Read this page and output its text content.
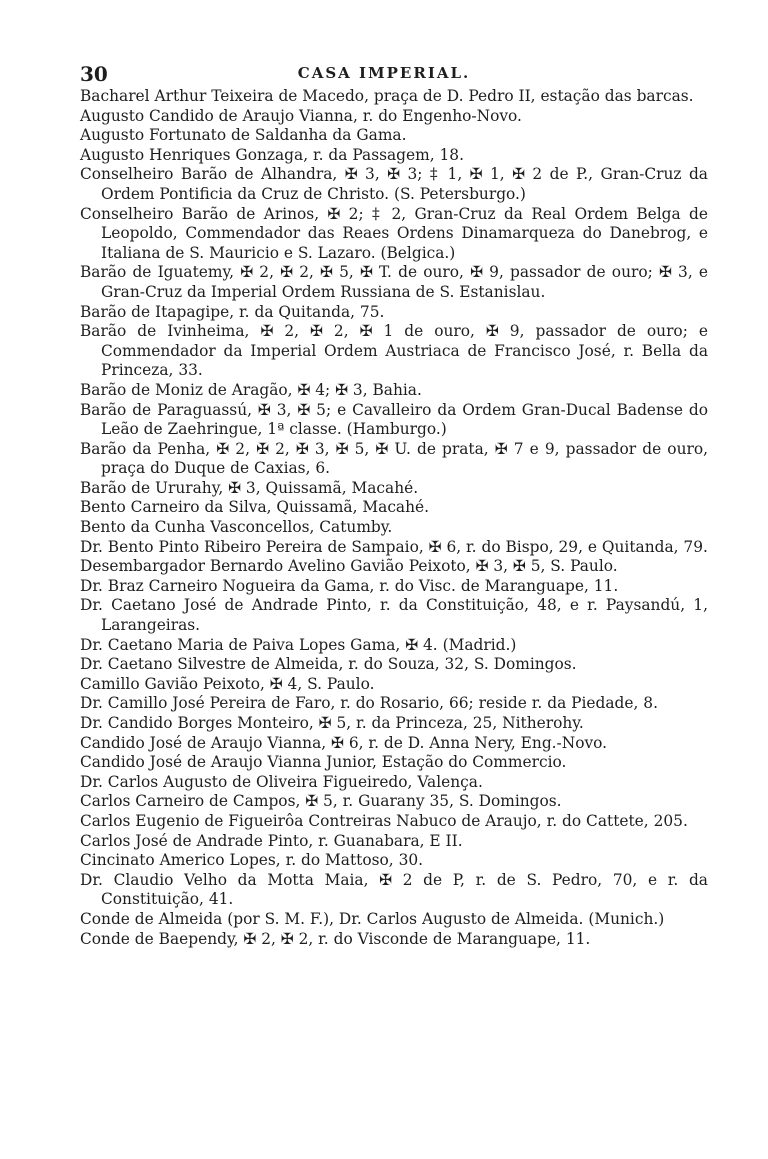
30	CASA IMPERIAL.
Bacharel Arthur Teixeira de Macedo, praça de D. Pedro II, estação das barcas.
Augusto Candido de Araujo Vianna, r. do Engenho-Novo.
Augusto Fortunato de Saldanha da Gama.
Augusto Henriques Gonzaga, r. da Passagem, 18.
Conselheiro Barão de Alhandra, ✠ 3, ✠ 3; ‡ 1, ✠ 1, ✠ 2 de P., Gran-Cruz da Ordem Pontificia da Cruz de Christo. (S. Petersburgo.)
Conselheiro Barão de Arinos, ✠ 2; ‡ 2, Gran-Cruz da Real Ordem Belga de Leopoldo, Commendador das Reaes Ordens Dinamarqueza do Danebrog, e Italiana de S. Mauricio e S. Lazaro. (Belgica.)
Barão de Iguatemy, ✠ 2, ✠ 2, ✠ 5, ✠ T. de ouro, ✠ 9, passador de ouro; ✠ 3, e Gran-Cruz da Imperial Ordem Russiana de S. Estanislau.
Barão de Itapagipe, r. da Quitanda, 75.
Barão de Ivinheima, ✠ 2, ✠ 2, ✠ 1 de ouro, ✠ 9, passador de ouro; e Commendador da Imperial Ordem Austriaca de Francisco José, r. Bella da Princeza, 33.
Barão de Moniz de Aragão, ✠ 4; ✠ 3, Bahia.
Barão de Paraguassú, ✠ 3, ✠ 5; e Cavalleiro da Ordem Gran-Ducal Badense do Leão de Zaehringue, 1ª classe. (Hamburgo.)
Barão da Penha, ✠ 2, ✠ 2, ✠ 3, ✠ 5, ✠ U. de prata, ✠ 7 e 9, passador de ouro, praça do Duque de Caxias, 6.
Barão de Ururahy, ✠ 3, Quissamã, Macahé.
Bento Carneiro da Silva, Quissamã, Macahé.
Bento da Cunha Vasconcellos, Catumby.
Dr. Bento Pinto Ribeiro Pereira de Sampaio, ✠ 6, r. do Bispo, 29, e Quitanda, 79.
Desembargador Bernardo Avelino Gavião Peixoto, ✠ 3, ✠ 5, S. Paulo.
Dr. Braz Carneiro Nogueira da Gama, r. do Visc. de Maranguape, 11.
Dr. Caetano José de Andrade Pinto, r. da Constituição, 48, e r. Paysandú, 1, Larangeiras.
Dr. Caetano Maria de Paiva Lopes Gama, ✠ 4. (Madrid.)
Dr. Caetano Silvestre de Almeida, r. do Souza, 32, S. Domingos.
Camillo Gavião Peixoto, ✠ 4, S. Paulo.
Dr. Camillo José Pereira de Faro, r. do Rosario, 66; reside r. da Piedade, 8.
Dr. Candido Borges Monteiro, ✠ 5, r. da Princeza, 25, Nitherohy.
Candido José de Araujo Vianna, ✠ 6, r. de D. Anna Nery, Eng.-Novo.
Candido José de Araujo Vianna Junior, Estação do Commercio.
Dr. Carlos Augusto de Oliveira Figueiredo, Valença.
Carlos Carneiro de Campos, ✠ 5, r. Guarany 35, S. Domingos.
Carlos Eugenio de Figueirôa Contreiras Nabuco de Araujo, r. do Cattete, 205.
Carlos José de Andrade Pinto, r. Guanabara, E II.
Cincinato Americo Lopes, r. do Mattoso, 30.
Dr. Claudio Velho da Motta Maia, ✠ 2 de P, r. de S. Pedro, 70, e r. da Constituição, 41.
Conde de Almeida (por S. M. F.), Dr. Carlos Augusto de Almeida. (Munich.)
Conde de Baependy, ✠ 2, ✠ 2, r. do Visconde de Maranguape, 11.
